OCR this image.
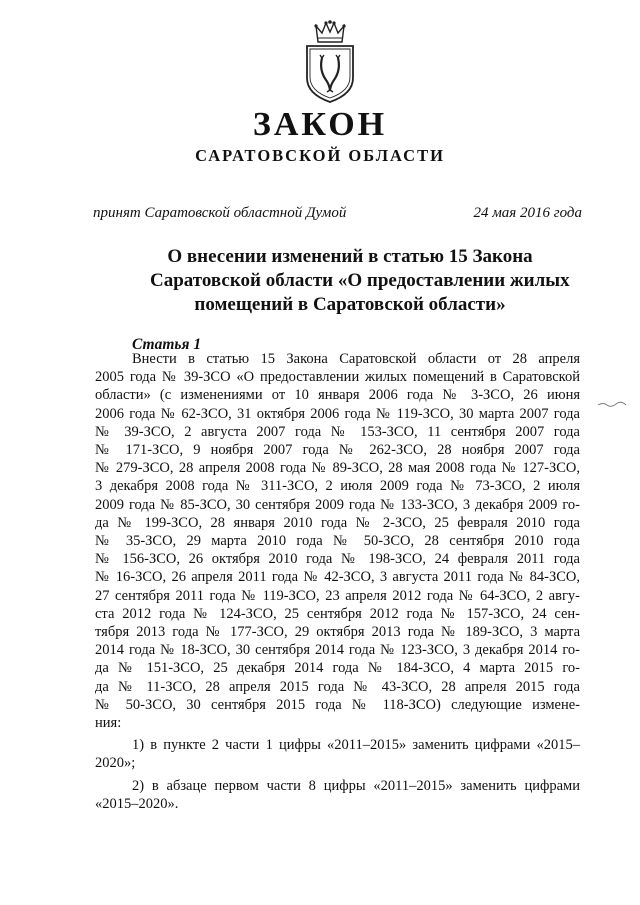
ЗАКОН
САРАТОВСКОЙ ОБЛАСТИ
принят Саратовской областной Думой	24 мая 2016 года
О внесении изменений в статью 15 Закона
Саратовской области «О предоставлении жилых
помещений в Саратовской области»
Статья 1
Внести в статью 15 Закона Саратовской области от 28 апреля
2005 года № 39-ЗСО «О предоставлении жилых помещений в Саратовской
области» (с изменениями от 10 января 2006 года № 3-ЗСО, 26 июня
2006 года № 62-ЗСО, 31 октября 2006 года № 119-ЗСО, 30 марта 2007 года
№ 39-ЗСО, 2 августа 2007 года № 153-ЗСО, 11 сентября 2007 года
№ 171-ЗСО, 9 ноября 2007 года № 262-ЗСО, 28 ноября 2007 года
№ 279-ЗСО, 28 апреля 2008 года № 89-ЗСО, 28 мая 2008 года № 127-ЗСО,
3 декабря 2008 года № 311-ЗСО, 2 июля 2009 года № 73-ЗСО, 2 июля
2009 года № 85-ЗСО, 30 сентября 2009 года № 133-ЗСО, 3 декабря 2009 го-
да № 199-ЗСО, 28 января 2010 года № 2-ЗСО, 25 февраля 2010 года
№ 35-ЗСО, 29 марта 2010 года № 50-ЗСО, 28 сентября 2010 года
№ 156-ЗСО, 26 октября 2010 года № 198-ЗСО, 24 февраля 2011 года
№ 16-ЗСО, 26 апреля 2011 года № 42-ЗСО, 3 августа 2011 года № 84-ЗСО,
27 сентября 2011 года № 119-ЗСО, 23 апреля 2012 года № 64-ЗСО, 2 авгу-
ста 2012 года № 124-ЗСО, 25 сентября 2012 года № 157-ЗСО, 24 сен-
тября 2013 года № 177-ЗСО, 29 октября 2013 года № 189-ЗСО, 3 марта
2014 года № 18-ЗСО, 30 сентября 2014 года № 123-ЗСО, 3 декабря 2014 го-
да № 151-ЗСО, 25 декабря 2014 года № 184-ЗСО, 4 марта 2015 го-
да № 11-ЗСО, 28 апреля 2015 года № 43-ЗСО, 28 апреля 2015 года
№ 50-ЗСО, 30 сентября 2015 года № 118-ЗСО) следующие измене-
ния:
1) в пункте 2 части 1 цифры «2011–2015» заменить цифрами «2015–
2020»;
2) в абзаце первом части 8 цифры «2011–2015» заменить цифрами
«2015–2020».
